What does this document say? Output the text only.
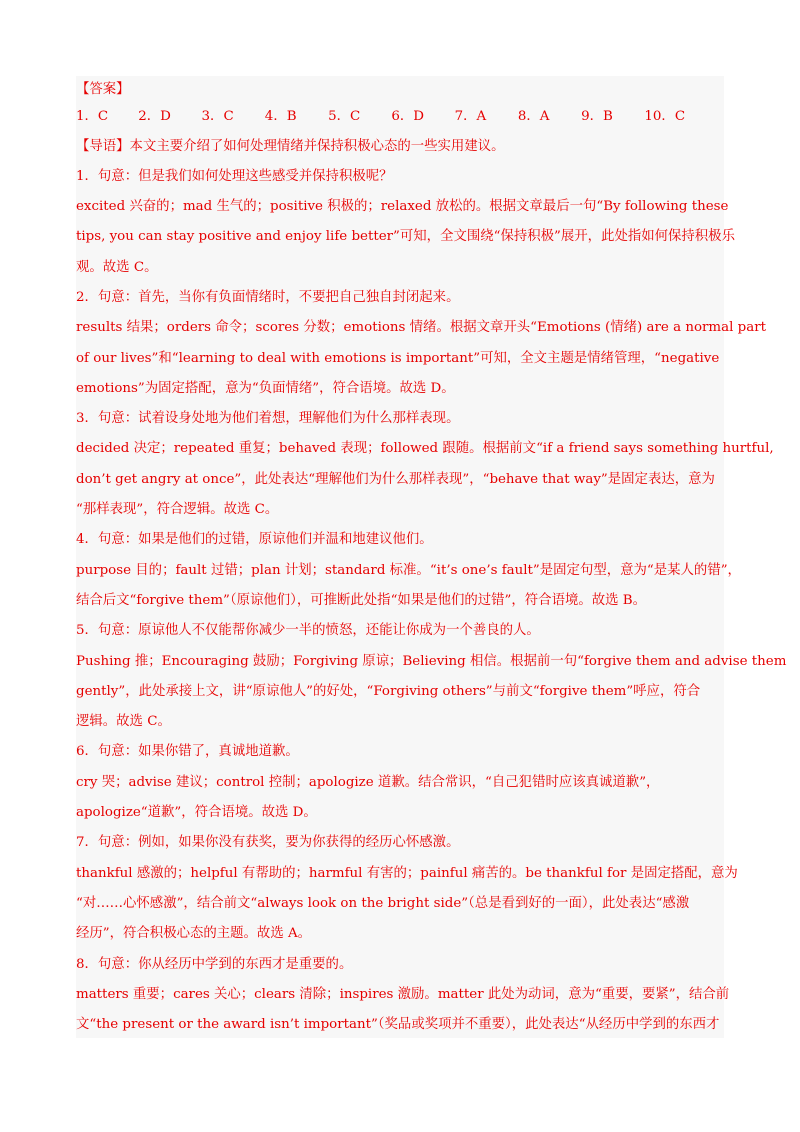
【答案】
1．C 2．D 3．C 4．B 5．C 6．D 7．A 8．A 9．B 10．C
【导语】本文主要介绍了如何处理情绪并保持积极心态的一些实用建议。
1．句意：但是我们如何处理这些感受并保持积极呢？
excited 兴奋的；mad 生气的；positive 积极的；relaxed 放松的。根据文章最后一句“By following these
tips, you can stay positive and enjoy life better”可知，全文围绕“保持积极”展开，此处指如何保持积极乐
观。故选 C。
2．句意：首先，当你有负面情绪时，不要把自己独自封闭起来。
results 结果；orders 命令；scores 分数；emotions 情绪。根据文章开头“Emotions (情绪) are a normal part
of our lives”和“learning to deal with emotions is important”可知，全文主题是情绪管理，“negative
emotions”为固定搭配，意为“负面情绪”，符合语境。故选 D。
3．句意：试着设身处地为他们着想，理解他们为什么那样表现。
decided 决定；repeated 重复；behaved 表现；followed 跟随。根据前文“if a friend says something hurtful,
don’t get angry at once”，此处表达“理解他们为什么那样表现”，“behave that way”是固定表达，意为
“那样表现”，符合逻辑。故选 C。
4．句意：如果是他们的过错，原谅他们并温和地建议他们。
purpose 目的；fault 过错；plan 计划；standard 标准。“it’s one’s fault”是固定句型，意为“是某人的错”，
结合后文“forgive them”（原谅他们），可推断此处指“如果是他们的过错”，符合语境。故选 B。
5．句意：原谅他人不仅能帮你减少一半的愤怒，还能让你成为一个善良的人。
Pushing 推；Encouraging 鼓励；Forgiving 原谅；Believing 相信。根据前一句“forgive them and advise them
gently”，此处承接上文，讲“原谅他人”的好处，“Forgiving others”与前文“forgive them”呼应，符合
逻辑。故选 C。
6．句意：如果你错了，真诚地道歉。
cry 哭；advise 建议；control 控制；apologize 道歉。结合常识，“自己犯错时应该真诚道歉”，
apologize“道歉”，符合语境。故选 D。
7．句意：例如，如果你没有获奖，要为你获得的经历心怀感激。
thankful 感激的；helpful 有帮助的；harmful 有害的；painful 痛苦的。be thankful for 是固定搭配，意为
“对……心怀感激”，结合前文“always look on the bright side”（总是看到好的一面），此处表达“感激
经历”，符合积极心态的主题。故选 A。
8．句意：你从经历中学到的东西才是重要的。
matters 重要；cares 关心；clears 清除；inspires 激励。matter 此处为动词，意为“重要，要紧”，结合前
文“the present or the award isn’t important”（奖品或奖项并不重要），此处表达“从经历中学到的东西才
